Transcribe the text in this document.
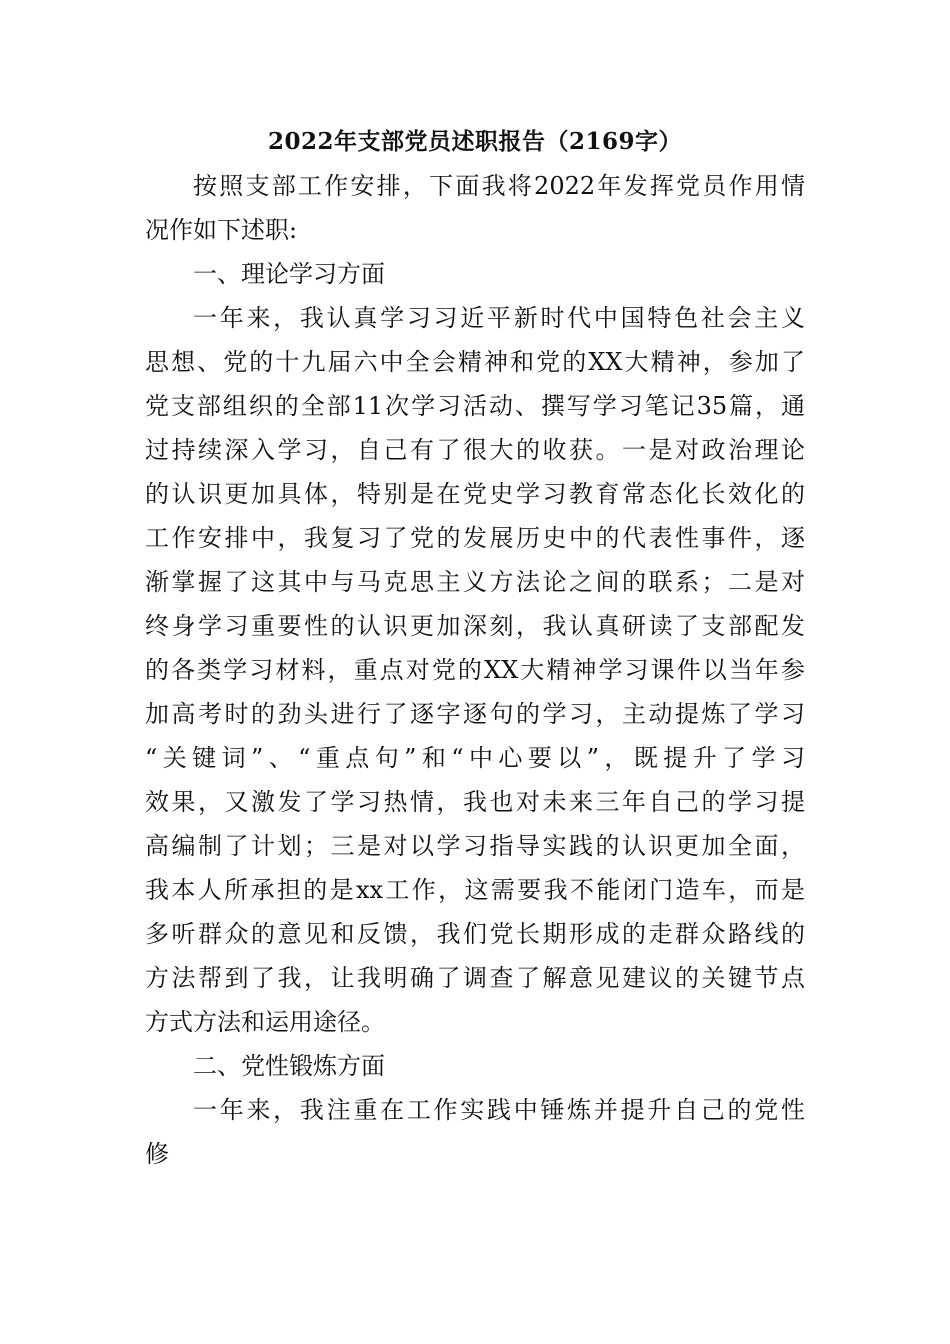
2022年支部党员述职报告（2169字）
按照支部工作安排，下面我将2022年发挥党员作用情
况作如下述职:
一、理论学习方面
一年来，我认真学习习近平新时代中国特色社会主义
思想、党的十九届六中全会精神和党的XX大精神，参加了
党支部组织的全部11次学习活动、撰写学习笔记35篇，通
过持续深入学习，自己有了很大的收获。一是对政治理论
的认识更加具体，特别是在党史学习教育常态化长效化的
工作安排中，我复习了党的发展历史中的代表性事件，逐
渐掌握了这其中与马克思主义方法论之间的联系；二是对
终身学习重要性的认识更加深刻，我认真研读了支部配发
的各类学习材料，重点对党的XX大精神学习课件以当年参
加高考时的劲头进行了逐字逐句的学习，主动提炼了学习
“关键词”、“重点句”和“中心要以”，既提升了学习
效果，又激发了学习热情，我也对未来三年自己的学习提
高编制了计划；三是对以学习指导实践的认识更加全面，
我本人所承担的是xx工作，这需要我不能闭门造车，而是
多听群众的意见和反馈，我们党长期形成的走群众路线的
方法帮到了我，让我明确了调查了解意见建议的关键节点
方式方法和运用途径。
二、党性锻炼方面
一年来，我注重在工作实践中锤炼并提升自己的党性
修
